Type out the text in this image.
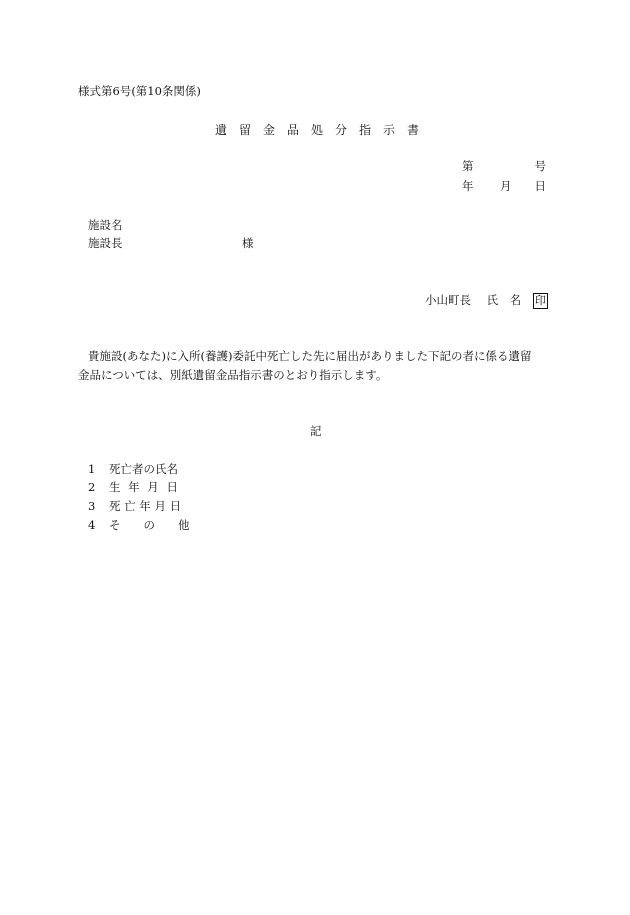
様式第6号(第10条関係)
遺　留　金　品　処　分　指　示　書
第	号
年 月 日
施設名
施設長	様
小山町長 氏　名 印
貴施設(あなた)に入所(養護)委託中死亡した先に届出がありました下記の者に係る遺留
金品については、別紙遺留金品指示書のとおり指示します。
記
1 死亡者の氏名
2 生 年 月 日
3 死 亡 年 月 日
4 そ　　の　　他
